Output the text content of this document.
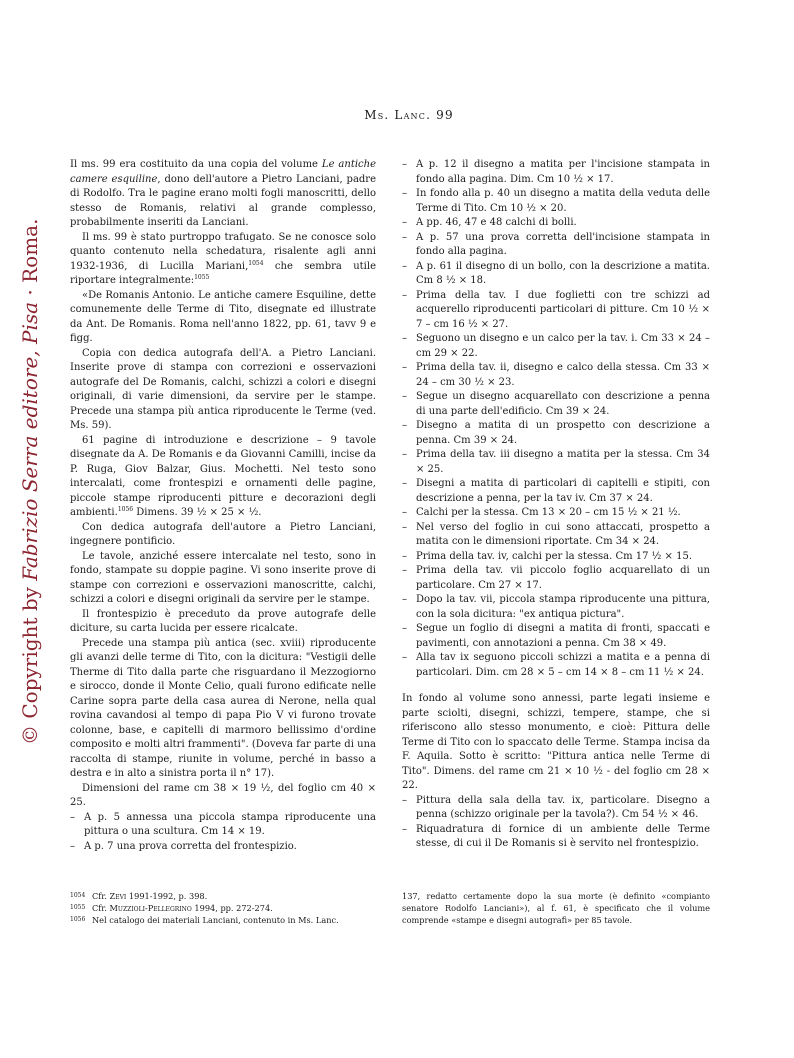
Ms. Lanc. 99
© Copyright by Fabrizio Serra editore, Pisa · Roma.

Il ms. 99 era costituito da una copia del volume Le antiche camere esquiline, dono dell'autore a Pietro Lanciani, padre di Rodolfo. Tra le pagine erano molti fogli manoscritti, dello stesso de Romanis, relativi al grande complesso, probabilmente inseriti da Lanciani.

Il ms. 99 è stato purtroppo trafugato. Se ne conosce solo quanto contenuto nella schedatura, risalente agli anni 1932-1936, di Lucilla Mariani,$^{1054}$ che sembra utile riportare integralmente:$^{1055}$

«De Romanis Antonio. Le antiche camere Esquiline, dette comunemente delle Terme di Tito, disegnate ed illustrate da Ant. De Romanis. Roma nell'anno 1822, pp. 61, tavv 9 e figg.

Copia con dedica autografa dell'A. a Pietro Lanciani. Inserite prove di stampa con correzioni e osservazioni autografe del De Romanis, calchi, schizzi a colori e disegni originali, di varie dimensioni, da servire per le stampe. Precede una stampa più antica riproducente le Terme (ved. Ms. 59).

61 pagine di introduzione e descrizione – 9 tavole disegnate da A. De Romanis e da Giovanni Camilli, incise da P. Ruga, Giov Balzar, Gius. Mochetti. Nel testo sono intercalati, come frontespizi e ornamenti delle pagine, piccole stampe riproducenti pitture e decorazioni degli ambienti.$^{1056}$ Dimens. 39 ½ × 25 × ½.

Con dedica autografa dell'autore a Pietro Lanciani, ingegnere pontificio.

Le tavole, anziché essere intercalate nel testo, sono in fondo, stampate su doppie pagine. Vi sono inserite prove di stampe con correzioni e osservazioni manoscritte, calchi, schizzi a colori e disegni originali da servire per le stampe.

Il frontespizio è preceduto da prove autografe delle diciture, su carta lucida per essere ricalcate.

Precede una stampa più antica (sec. xviii) riproducente gli avanzi delle terme di Tito, con la dicitura: "Vestigii delle Therme di Tito dalla parte che risguardano il Mezzogiorno e sirocco, donde il Monte Celio, quali furono edificate nelle Carine sopra parte della casa aurea di Nerone, nella qual rovina cavandosi al tempo di papa Pio V vi furono trovate colonne, base, e capitelli di marmoro bellissimo d'ordine composito e molti altri frammenti". (Doveva far parte di una raccolta di stampe, riunite in volume, perché in basso a destra e in alto a sinistra porta il n° 17).

Dimensioni del rame cm 38 × 19 ½, del foglio cm 40 × 25.

– A p. 5 annessa una piccola stampa riproducente una pittura o una scultura. Cm 14 × 19.

– A p. 7 una prova corretta del frontespizio.

– A p. 12 il disegno a matita per l'incisione stampata in fondo alla pagina. Dim. Cm 10 ½ × 17.

– In fondo alla p. 40 un disegno a matita della veduta delle Terme di Tito. Cm 10 ½ × 20.

– A pp. 46, 47 e 48 calchi di bolli.

– A p. 57 una prova corretta dell'incisione stampata in fondo alla pagina.

– A p. 61 il disegno di un bollo, con la descrizione a matita. Cm 8 ½ × 18.

– Prima della tav. I due foglietti con tre schizzi ad acquerello riproducenti particolari di pitture. Cm 10 ½ × 7 – cm 16 ½ × 27.

– Seguono un disegno e un calco per la tav. i. Cm 33 × 24 – cm 29 × 22.

– Prima della tav. ii, disegno e calco della stessa. Cm 33 × 24 – cm 30 ½ × 23.

– Segue un disegno acquarellato con descrizione a penna di una parte dell'edificio. Cm 39 × 24.

– Disegno a matita di un prospetto con descrizione a penna. Cm 39 × 24.

– Prima della tav. iii disegno a matita per la stessa. Cm 34 × 25.

– Disegni a matita di particolari di capitelli e stipiti, con descrizione a penna, per la tav iv. Cm 37 × 24.

– Calchi per la stessa. Cm 13 × 20 – cm 15 ½ × 21 ½.

– Nel verso del foglio in cui sono attaccati, prospetto a matita con le dimensioni riportate. Cm 34 × 24.

– Prima della tav. iv, calchi per la stessa. Cm 17 ½ × 15.

– Prima della tav. vii piccolo foglio acquarellato di un particolare. Cm 27 × 17.

– Dopo la tav. vii, piccola stampa riproducente una pittura, con la sola dicitura: "ex antiqua pictura".

– Segue un foglio di disegni a matita di fronti, spaccati e pavimenti, con annotazioni a penna. Cm 38 × 49.

– Alla tav ix seguono piccoli schizzi a matita e a penna di particolari. Dim. cm 28 × 5 – cm 14 × 8 – cm 11 ½ × 24.

In fondo al volume sono annessi, parte legati insieme e parte sciolti, disegni, schizzi, tempere, stampe, che si riferiscono allo stesso monumento, e cioè: Pittura delle Terme di Tito con lo spaccato delle Terme. Stampa incisa da F. Aquila. Sotto è scritto: "Pittura antica nelle Terme di Tito". Dimens. del rame cm 21 × 10 ½ - del foglio cm 28 × 22.

– Pittura della sala della tav. ix, particolare. Disegno a penna (schizzo originale per la tavola?). Cm 54 ½ × 46.

– Riquadratura di fornice di un ambiente delle Terme stesse, di cui il De Romanis si è servito nel frontespizio.

1054 Cfr. Zevi 1991-1992, p. 398.
1055 Cfr. Muzzioli-Pellegrino 1994, pp. 272-274.
1056 Nel catalogo dei materiali Lanciani, contenuto in Ms. Lanc.
137, redatto certamente dopo la sua morte (è definito «compianto senatore Rodolfo Lanciani»), al f. 61, è specificato che il volume comprende «stampe e disegni autografi» per 85 tavole.
